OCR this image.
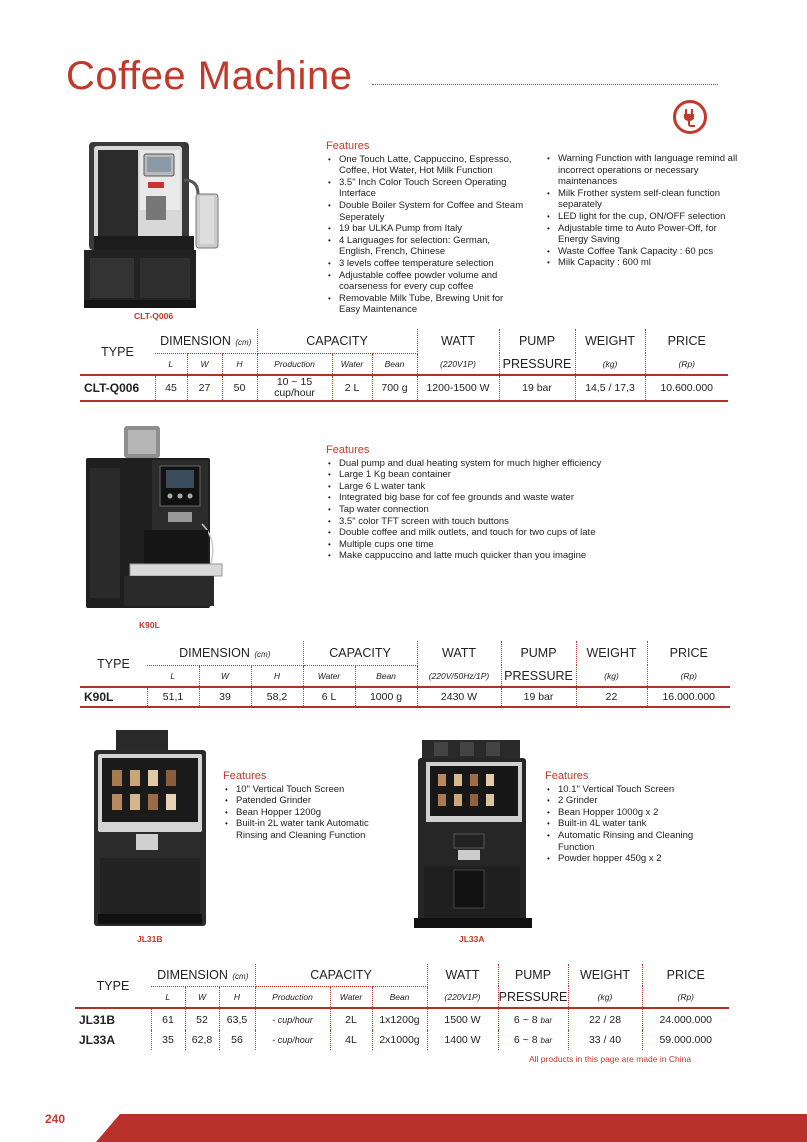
Coffee Machine
CLT-Q006
Features
• One Touch Latte, Cappuccino, Espresso, Coffee, Hot Water, Hot Milk Function
• 3.5" Inch Color Touch Screen Operating Interface
• Double Boiler System for Coffee and Steam Seperately
• 19 bar ULKA Pump from Italy
• 4 Languages for selection: German, English, French, Chinese
• 3 levels coffee temperature selection
• Adjustable coffee powder volume and coarseness for every cup coffee
• Removable Milk Tube, Brewing Unit for Easy Maintenance
• Warning Function with language remind all incorrect operations or necessary maintenances
• Milk Frother system self-clean function separately
• LED light for the cup, ON/OFF selection
• Adjustable time to Auto Power-Off, for Energy Saving
• Waste Coffee Tank Capacity : 60 pcs
• Milk Capacity : 600 ml
TYPE	DIMENSION (cm)			CAPACITY			WATT	PUMP	WEIGHT	PRICE
	L	W	H	Production	Water	Bean	(220V1P)	PRESSURE	(kg)	(Rp)
CLT-Q006	45	27	50	10 ~ 15 cup/hour	2 L	700 g	1200-1500 W	19 bar	14,5 / 17,3	10.600.000
K90L
Features
• Dual pump and dual heating system for much higher efficiency
• Large 1 Kg bean container
• Large 6 L water tank
• Integrated big base for cof fee grounds and waste water
• Tap water connection
• 3.5" color TFT screen with touch buttons
• Double coffee and milk outlets, and touch for two cups of late
• Multiple cups one time
• Make cappuccino and latte much quicker than you imagine
TYPE	DIMENSION (cm)			CAPACITY		WATT	PUMP	WEIGHT	PRICE
	L	W	H	Water	Bean	(220V/50Hz/1P)	PRESSURE	(kg)	(Rp)
K90L	51,1	39	58,2	6 L	1000 g	2430 W	19 bar	22	16.000.000
JL31B
Features
• 10" Vertical Touch Screen
• Patended Grinder
• Bean Hopper 1200g
• Built-in 2L water tank Automatic Rinsing and Cleaning Function
JL33A
Features
• 10.1" Vertical Touch Screen
• 2 Grinder
• Bean Hopper 1000g x 2
• Built-in 4L water tank
• Automatic Rinsing and Cleaning Function
• Powder hopper 450g x 2
TYPE	DIMENSION (cm)			CAPACITY			WATT	PUMP	WEIGHT	PRICE
	L	W	H	Production	Water	Bean	(220V1P)	PRESSURE	(kg)	(Rp)
JL31B	61	52	63,5	- cup/hour	2L	1x1200g	1500 W	6 ~ 8 bar	22 / 28	24.000.000
JL33A	35	62,8	56	- cup/hour	4L	2x1000g	1400 W	6 ~ 8 bar	33 / 40	59.000.000
All products in this page are made in China
240
